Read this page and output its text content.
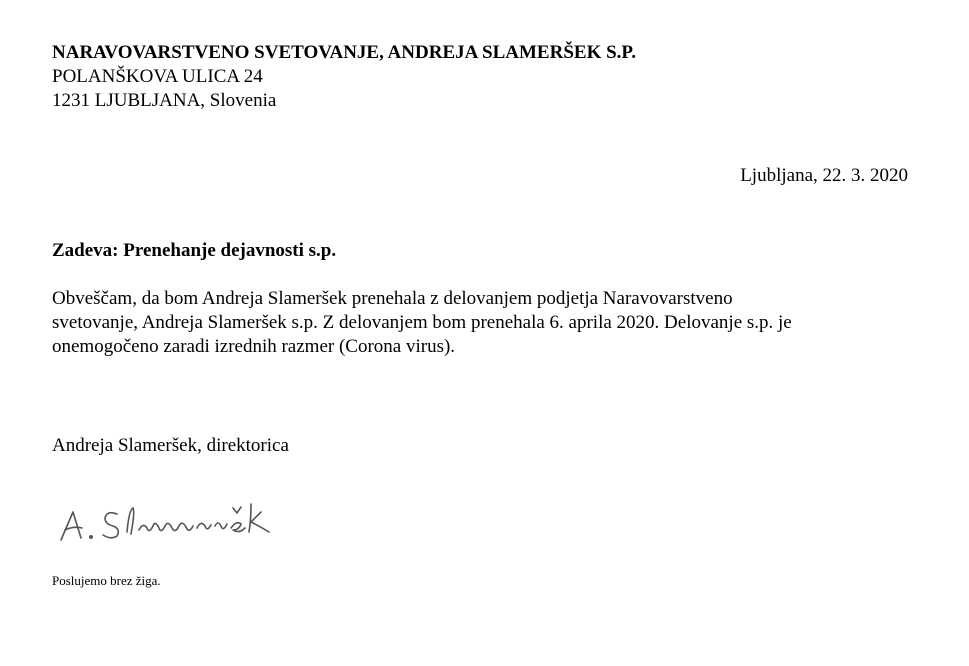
NARAVOVARSTVENO SVETOVANJE, ANDREJA SLAMERŠEK S.P.
POLANŠKOVA ULICA 24
1231 LJUBLJANA, Slovenia
Ljubljana, 22. 3. 2020
Zadeva: Prenehanje dejavnosti s.p.
Obveščam, da bom Andreja Slameršek prenehala z delovanjem podjetja Naravovarstveno
svetovanje, Andreja Slameršek s.p. Z delovanjem bom prenehala 6. aprila 2020. Delovanje s.p. je
onemogočeno zaradi izrednih razmer (Corona virus).
Andreja Slameršek, direktorica
Poslujemo brez žiga.
